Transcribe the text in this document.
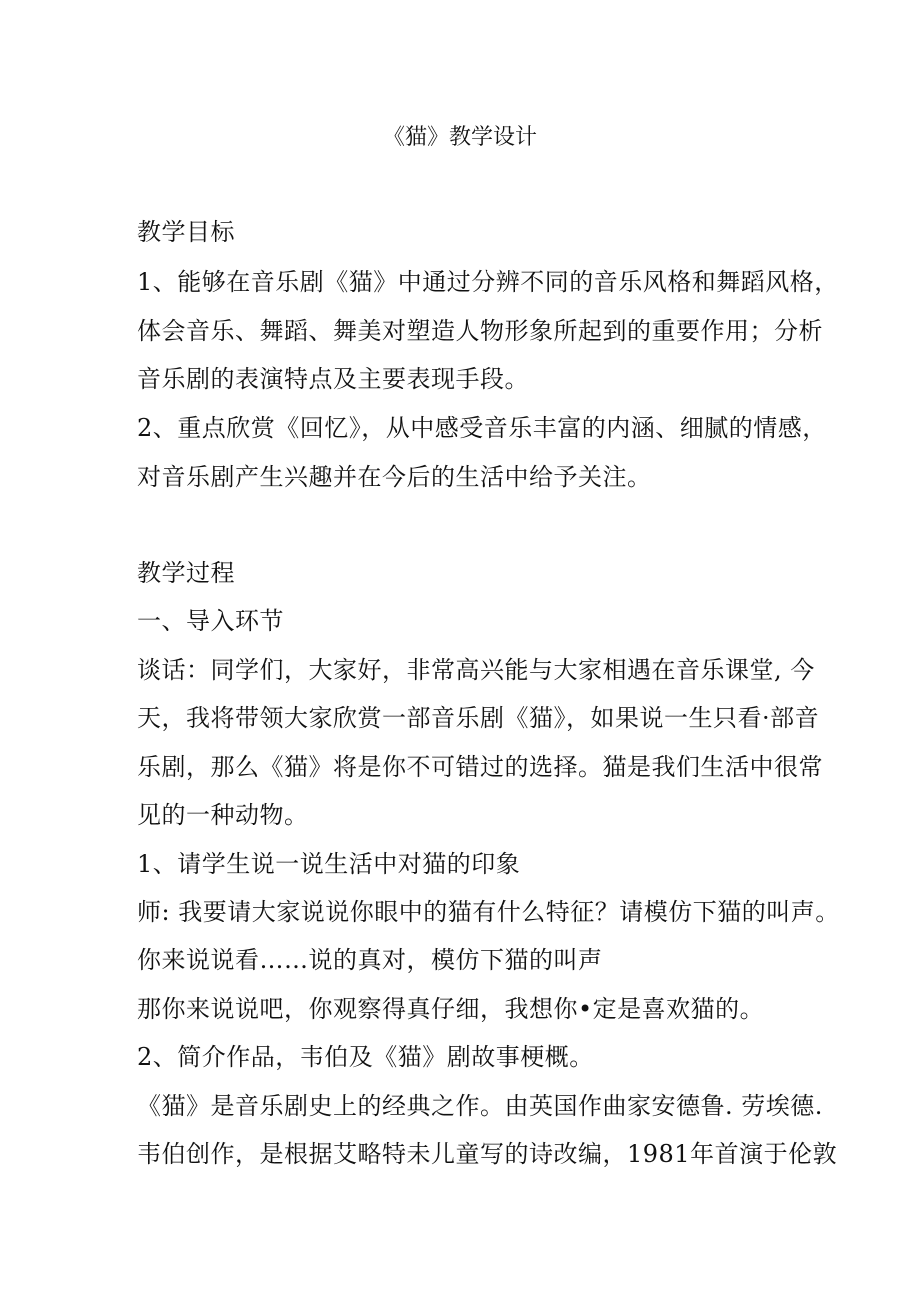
《猫》教学设计
教学目标
1、能够在音乐剧《猫》中通过分辨不同的音乐风格和舞蹈风格，
体会音乐、舞蹈、舞美对塑造人物形象所起到的重要作用；分析
音乐剧的表演特点及主要表现手段。
2、重点欣赏《回忆》，从中感受音乐丰富的内涵、细腻的情感，
对音乐剧产生兴趣并在今后的生活中给予关注。
教学过程
一、导入环节
谈话：同学们，大家好，非常高兴能与大家相遇在音乐课堂, 今
天，我将带领大家欣赏一部音乐剧《猫》，如果说一生只看·部音
乐剧，那么《猫》将是你不可错过的选择。猫是我们生活中很常
见的一种动物。
1、请学生说一说生活中对猫的印象
师: 我要请大家说说你眼中的猫有什么特征？请模仿下猫的叫声。
你来说说看……说的真对，模仿下猫的叫声
那你来说说吧，你观察得真仔细，我想你•定是喜欢猫的。
2、简介作品，韦伯及《猫》剧故事梗概。
《猫》是音乐剧史上的经典之作。由英国作曲家安德鲁. 劳埃德.
韦伯创作，是根据艾略特未儿童写的诗改编，1981年首演于伦敦
